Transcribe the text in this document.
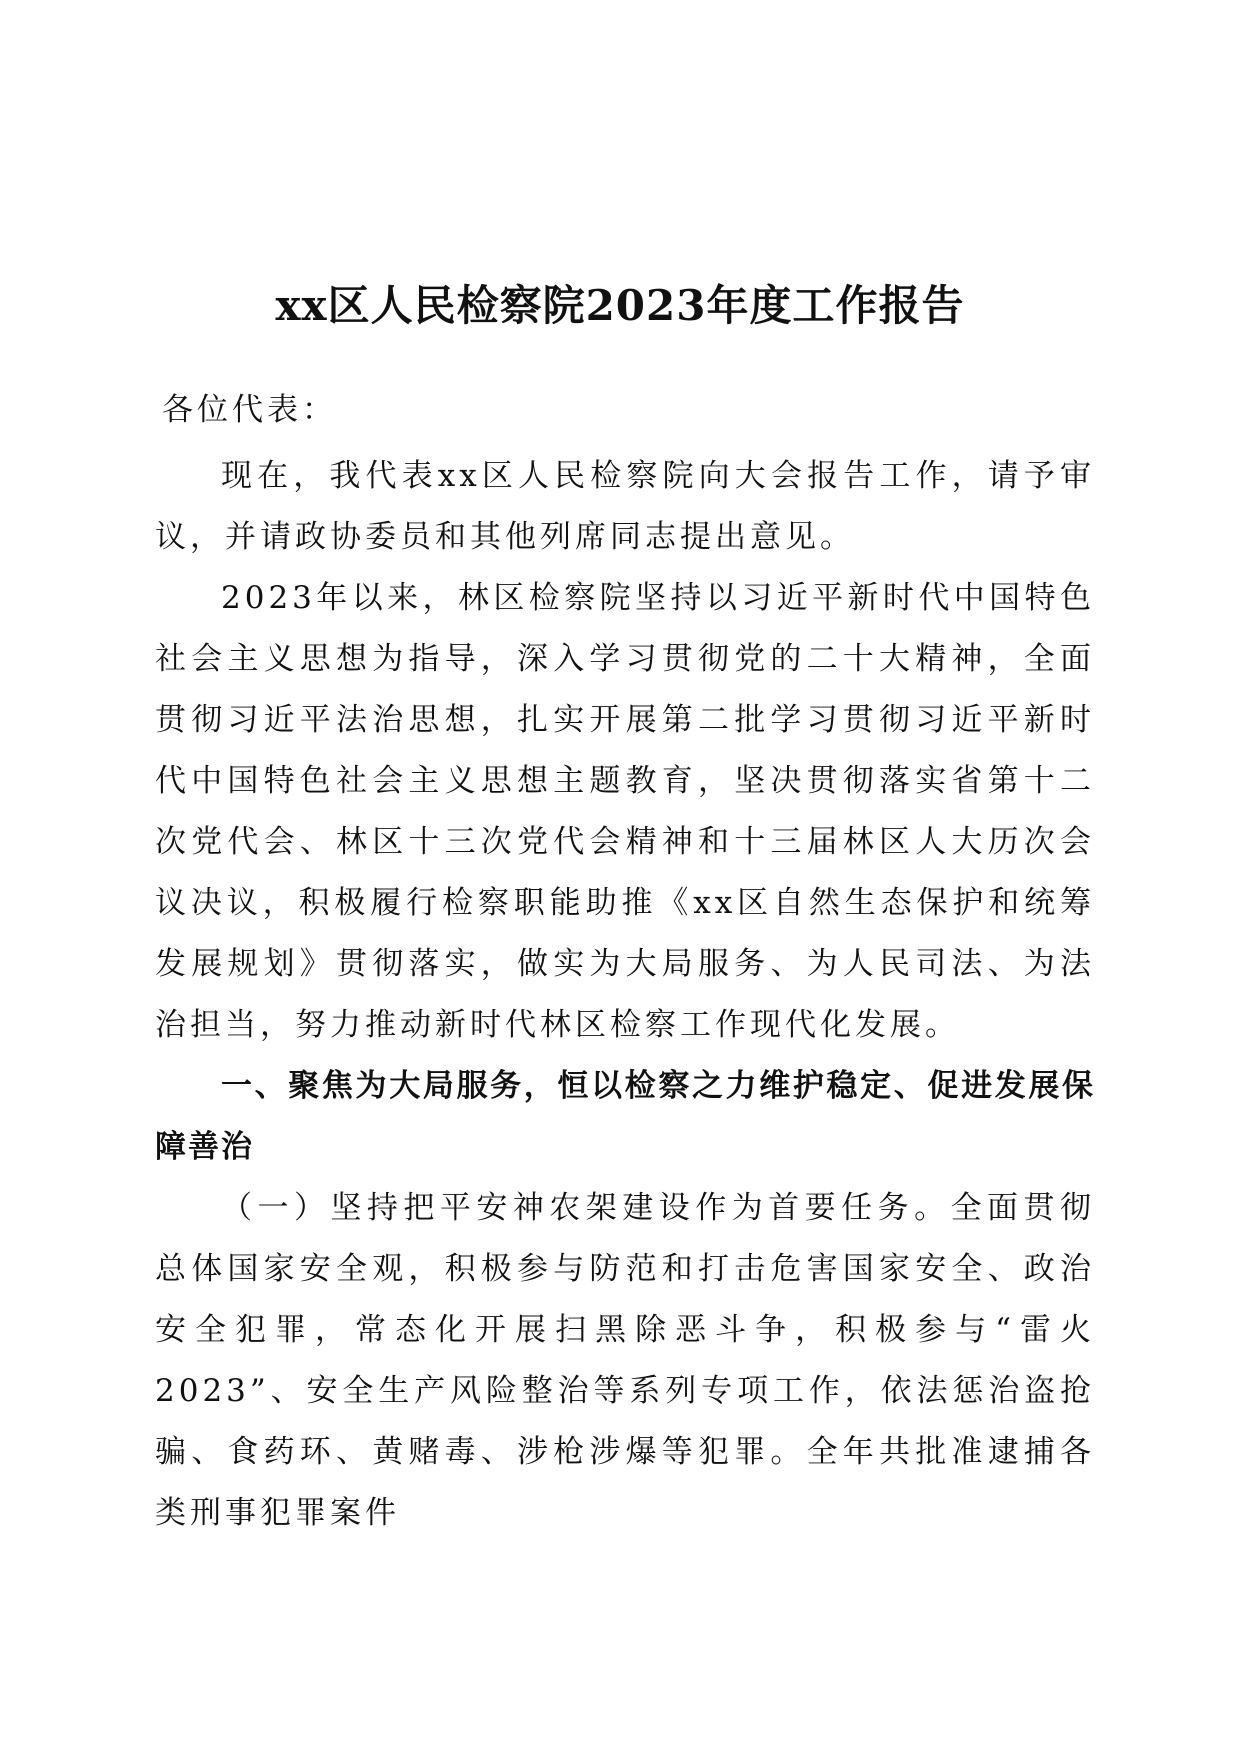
xx区人民检察院2023年度工作报告

各位代表：

现在，我代表xx区人民检察院向大会报告工作，请予审议，并请政协委员和其他列席同志提出意见。

2023年以来，林区检察院坚持以习近平新时代中国特色社会主义思想为指导，深入学习贯彻党的二十大精神，全面贯彻习近平法治思想，扎实开展第二批学习贯彻习近平新时代中国特色社会主义思想主题教育，坚决贯彻落实省第十二次党代会、林区十三次党代会精神和十三届林区人大历次会议决议，积极履行检察职能助推《xx区自然生态保护和统筹发展规划》贯彻落实，做实为大局服务、为人民司法、为法治担当，努力推动新时代林区检察工作现代化发展。

一、聚焦为大局服务，恒以检察之力维护稳定、促进发展保障善治

（一）坚持把平安神农架建设作为首要任务。全面贯彻总体国家安全观，积极参与防范和打击危害国家安全、政治安全犯罪，常态化开展扫黑除恶斗争，积极参与“雷火2023”、安全生产风险整治等系列专项工作，依法惩治盗抢骗、食药环、黄赌毒、涉枪涉爆等犯罪。全年共批准逮捕各类刑事犯罪案件
